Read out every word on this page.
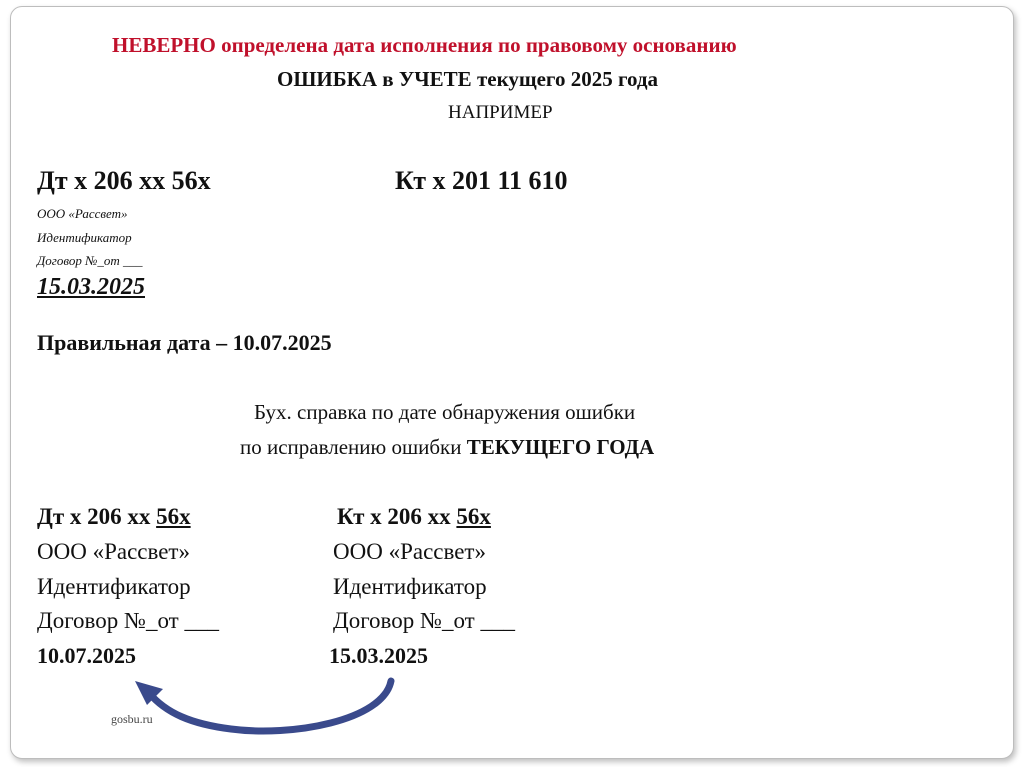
НЕВЕРНО определена дата исполнения по правовому основанию
ОШИБКА в УЧЕТЕ текущего 2025 года
НАПРИМЕР
Дт х 206 хх 56х	Кт х 201 11 610
ООО «Рассвет»
Идентификатор
Договор №_от ___
15.03.2025
Правильная дата – 10.07.2025
Бух. справка по дате обнаружения ошибки
по исправлению ошибки ТЕКУЩЕГО ГОДА
Дт х 206 хх 56х	Кт х 206 хх 56х
ООО «Рассвет»	ООО «Рассвет»
Идентификатор	Идентификатор
Договор №_от ___	Договор №_от ___
10.07.2025	15.03.2025
gosbu.ru
